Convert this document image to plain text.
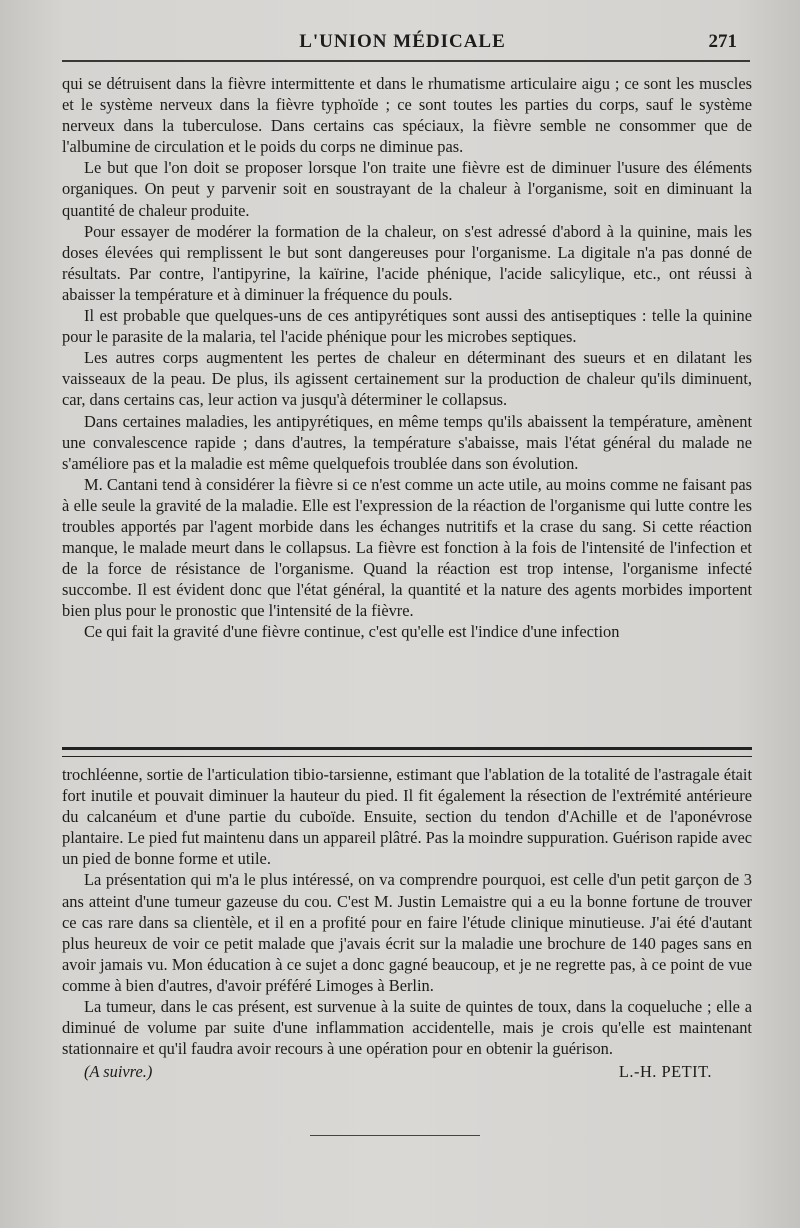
L'UNION MÉDICALE	271

qui se détruisent dans la fièvre intermittente et dans le rhumatisme articulaire aigu ; ce sont les muscles et le système nerveux dans la fièvre typhoïde ; ce sont toutes les parties du corps, sauf le système nerveux dans la tuberculose. Dans certains cas spéciaux, la fièvre semble ne consommer que de l'albumine de circulation et le poids du corps ne diminue pas.

Le but que l'on doit se proposer lorsque l'on traite une fièvre est de diminuer l'usure des éléments organiques. On peut y parvenir soit en soustrayant de la chaleur à l'organisme, soit en diminuant la quantité de chaleur produite.

Pour essayer de modérer la formation de la chaleur, on s'est adressé d'abord à la quinine, mais les doses élevées qui remplissent le but sont dangereuses pour l'organisme. La digitale n'a pas donné de résultats. Par contre, l'antipyrine, la kaïrine, l'acide phénique, l'acide salicylique, etc., ont réussi à abaisser la température et à diminuer la fréquence du pouls.

Il est probable que quelques-uns de ces antipyrétiques sont aussi des antiseptiques : telle la quinine pour le parasite de la malaria, tel l'acide phénique pour les microbes septiques.

Les autres corps augmentent les pertes de chaleur en déterminant des sueurs et en dilatant les vaisseaux de la peau. De plus, ils agissent certainement sur la production de chaleur qu'ils diminuent, car, dans certains cas, leur action va jusqu'à déterminer le collapsus.

Dans certaines maladies, les antipyrétiques, en même temps qu'ils abaissent la température, amènent une convalescence rapide ; dans d'autres, la température s'abaisse, mais l'état général du malade ne s'améliore pas et la maladie est même quelquefois troublée dans son évolution.

M. Cantani tend à considérer la fièvre si ce n'est comme un acte utile, au moins comme ne faisant pas à elle seule la gravité de la maladie. Elle est l'expression de la réaction de l'organisme qui lutte contre les troubles apportés par l'agent morbide dans les échanges nutritifs et la crase du sang. Si cette réaction manque, le malade meurt dans le collapsus. La fièvre est fonction à la fois de l'intensité de l'infection et de la force de résistance de l'organisme. Quand la réaction est trop intense, l'organisme infecté succombe. Il est évident donc que l'état général, la quantité et la nature des agents morbides importent bien plus pour le pronostic que l'intensité de la fièvre.

Ce qui fait la gravité d'une fièvre continue, c'est qu'elle est l'indice d'une infection

trochléenne, sortie de l'articulation tibio-tarsienne, estimant que l'ablation de la totalité de l'astragale était fort inutile et pouvait diminuer la hauteur du pied. Il fit également la résection de l'extrémité antérieure du calcanéum et d'une partie du cuboïde. Ensuite, section du tendon d'Achille et de l'aponévrose plantaire. Le pied fut maintenu dans un appareil plâtré. Pas la moindre suppuration. Guérison rapide avec un pied de bonne forme et utile.

La présentation qui m'a le plus intéressé, on va comprendre pourquoi, est celle d'un petit garçon de 3 ans atteint d'une tumeur gazeuse du cou. C'est M. Justin Lemaistre qui a eu la bonne fortune de trouver ce cas rare dans sa clientèle, et il en a profité pour en faire l'étude clinique minutieuse. J'ai été d'autant plus heureux de voir ce petit malade que j'avais écrit sur la maladie une brochure de 140 pages sans en avoir jamais vu. Mon éducation à ce sujet a donc gagné beaucoup, et je ne regrette pas, à ce point de vue comme à bien d'autres, d'avoir préféré Limoges à Berlin.

La tumeur, dans le cas présent, est survenue à la suite de quintes de toux, dans la coqueluche ; elle a diminué de volume par suite d'une inflammation accidentelle, mais je crois qu'elle est maintenant stationnaire et qu'il faudra avoir recours à une opération pour en obtenir la guérison.

(A suivre.)	L.-H. PETIT.
